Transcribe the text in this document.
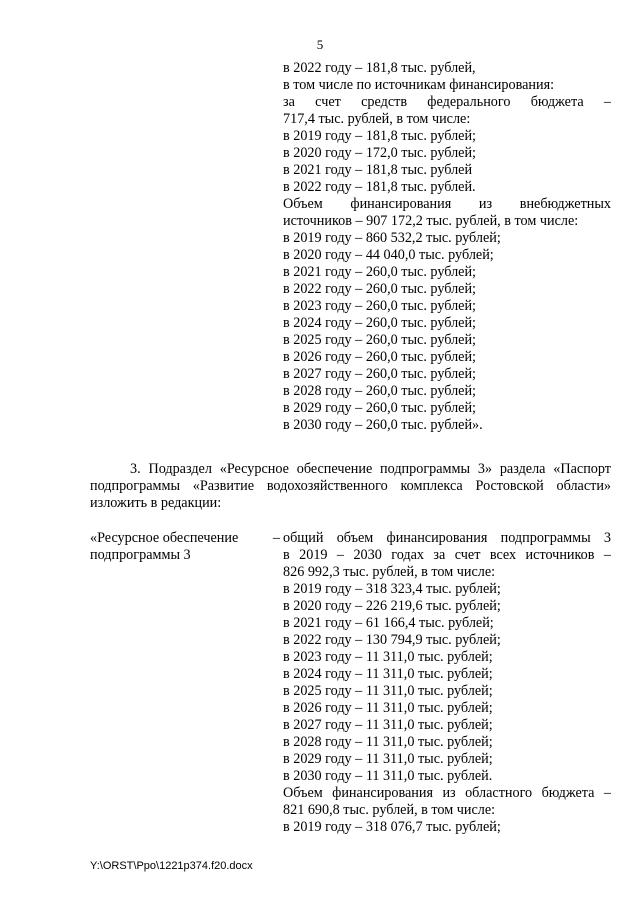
5
в 2022 году – 181,8 тыс. рублей,
в том числе по источникам финансирования:
за счет средств федерального бюджета –
717,4 тыс. рублей, в том числе:
в 2019 году – 181,8 тыс. рублей;
в 2020 году – 172,0 тыс. рублей;
в 2021 году – 181,8 тыс. рублей
в 2022 году – 181,8 тыс. рублей.
Объем финансирования из внебюджетных
источников – 907 172,2 тыс. рублей, в том числе:
в 2019 году – 860 532,2 тыс. рублей;
в 2020 году – 44 040,0 тыс. рублей;
в 2021 году – 260,0 тыс. рублей;
в 2022 году – 260,0 тыс. рублей;
в 2023 году – 260,0 тыс. рублей;
в 2024 году – 260,0 тыс. рублей;
в 2025 году – 260,0 тыс. рублей;
в 2026 году – 260,0 тыс. рублей;
в 2027 году – 260,0 тыс. рублей;
в 2028 году – 260,0 тыс. рублей;
в 2029 году – 260,0 тыс. рублей;
в 2030 году – 260,0 тыс. рублей».
3. Подраздел «Ресурсное обеспечение подпрограммы 3» раздела «Паспорт
подпрограммы «Развитие водохозяйственного комплекса Ростовской области»
изложить в редакции:
«Ресурсное обеспечение –
подпрограммы 3
общий объем финансирования подпрограммы 3
в 2019 – 2030 годах за счет всех источников –
826 992,3 тыс. рублей, в том числе:
в 2019 году – 318 323,4 тыс. рублей;
в 2020 году – 226 219,6 тыс. рублей;
в 2021 году – 61 166,4 тыс. рублей;
в 2022 году – 130 794,9 тыс. рублей;
в 2023 году – 11 311,0 тыс. рублей;
в 2024 году – 11 311,0 тыс. рублей;
в 2025 году – 11 311,0 тыс. рублей;
в 2026 году – 11 311,0 тыс. рублей;
в 2027 году – 11 311,0 тыс. рублей;
в 2028 году – 11 311,0 тыс. рублей;
в 2029 году – 11 311,0 тыс. рублей;
в 2030 году – 11 311,0 тыс. рублей.
Объем финансирования из областного бюджета –
821 690,8 тыс. рублей, в том числе:
в 2019 году – 318 076,7 тыс. рублей;
Y:\ORST\Ppo\1221p374.f20.docx
